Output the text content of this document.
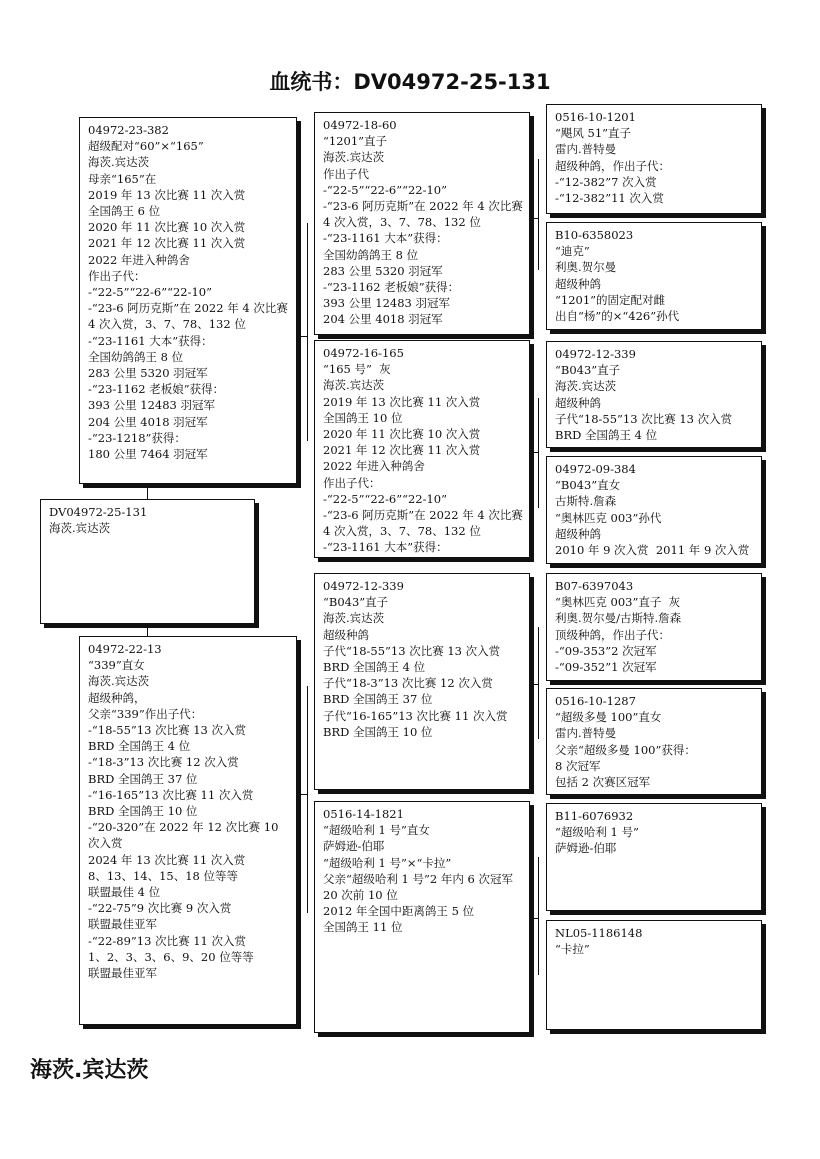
血统书：DV04972-25-131
04972-23-382
超级配对“60”×“165”
海茨.宾达茨
母亲“165”在
2019 年 13 次比赛 11 次入赏
全国鸽王 6 位
2020 年 11 次比赛 10 次入赏
2021 年 12 次比赛 11 次入赏
2022 年进入种鸽舍
作出子代：
-“22-5”“22-6”“22-10”
-“23-6 阿历克斯”在 2022 年 4 次比赛 4 次入赏，3、7、78、132 位
-“23-1161 大本”获得：
全国幼鸽鸽王 8 位
283 公里 5320 羽冠军
-“23-1162 老板娘”获得：
393 公里 12483 羽冠军
204 公里 4018 羽冠军
-“23-1218”获得：
180 公里 7464 羽冠军
DV04972-25-131
海茨.宾达茨
04972-22-13
“339”直女
海茨.宾达茨
超级种鸽，
父亲“339”作出子代：
-“18-55”13 次比赛 13 次入赏
BRD 全国鸽王 4 位
-“18-3”13 次比赛 12 次入赏
BRD 全国鸽王 37 位
-“16-165”13 次比赛 11 次入赏
BRD 全国鸽王 10 位
-“20-320”在 2022 年 12 次比赛 10 次入赏
2024 年 13 次比赛 11 次入赏
8、13、14、15、18 位等等
联盟最佳 4 位
-“22-75”9 次比赛 9 次入赏
联盟最佳亚军
-“22-89”13 次比赛 11 次入赏
1、2、3、3、6、9、20 位等等
联盟最佳亚军
04972-18-60
“1201”直子
海茨.宾达茨
作出子代
-“22-5”“22-6”“22-10”
-“23-6 阿历克斯”在 2022 年 4 次比赛 4 次入赏，3、7、78、132 位
-“23-1161 大本”获得：
全国幼鸽鸽王 8 位
283 公里 5320 羽冠军
-“23-1162 老板娘”获得：
393 公里 12483 羽冠军
204 公里 4018 羽冠军
04972-16-165
“165 号”  灰
海茨.宾达茨
2019 年 13 次比赛 11 次入赏
全国鸽王 10 位
2020 年 11 次比赛 10 次入赏
2021 年 12 次比赛 11 次入赏
2022 年进入种鸽舍
作出子代：
-“22-5”“22-6”“22-10”
-“23-6 阿历克斯”在 2022 年 4 次比赛 4 次入赏，3、7、78、132 位
-“23-1161 大本”获得：
04972-12-339
“B043”直子
海茨.宾达茨
超级种鸽
子代“18-55”13 次比赛 13 次入赏
BRD 全国鸽王 4 位
子代“18-3”13 次比赛 12 次入赏
BRD 全国鸽王 37 位
子代“16-165”13 次比赛 11 次入赏
BRD 全国鸽王 10 位
0516-14-1821
“超级哈利 1 号”直女
萨姆逊-伯耶
“超级哈利 1 号”×“卡拉”
父亲“超级哈利 1 号”2 年内 6 次冠军
20 次前 10 位
2012 年全国中距离鸽王 5 位
全国鸽王 11 位
0516-10-1201
“飓风 51”直子
雷内.普特曼
超级种鸽，作出子代：
-“12-382”7 次入赏
-“12-382”11 次入赏
B10-6358023
“迪克”
利奥.贺尔曼
超级种鸽
“1201”的固定配对雌
出自“杨”的×“426”孙代
04972-12-339
“B043”直子
海茨.宾达茨
超级种鸽
子代“18-55”13 次比赛 13 次入赏
BRD 全国鸽王 4 位
04972-09-384
“B043”直女
古斯特.詹森
“奥林匹克 003”孙代
超级种鸽
2010 年 9 次入赏  2011 年 9 次入赏
B07-6397043
“奥林匹克 003”直子  灰
利奥.贺尔曼/古斯特.詹森
顶级种鸽，作出子代：
-“09-353”2 次冠军
-“09-352”1 次冠军
0516-10-1287
“超级多曼 100”直女
雷内.普特曼
父亲“超级多曼 100”获得：
8 次冠军
包括 2 次赛区冠军
B11-6076932
“超级哈利 1 号”
萨姆逊-伯耶
NL05-1186148
“卡拉”
海茨.宾达茨
